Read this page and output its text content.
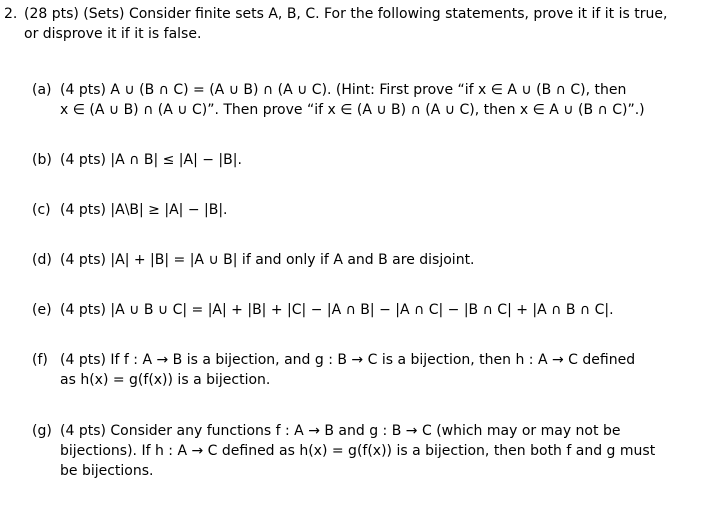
2. (28 pts) (Sets) Consider finite sets A, B, C. For the following statements, prove it if it is true,
or disprove it if it is false.
(a) (4 pts) A ∪ (B ∩ C) = (A ∪ B) ∩ (A ∪ C). (Hint: First prove “if x ∈ A ∪ (B ∩ C), then
x ∈ (A ∪ B) ∩ (A ∪ C)”. Then prove “if x ∈ (A ∪ B) ∩ (A ∪ C), then x ∈ A ∪ (B ∩ C)”.)
(b) (4 pts) |A ∩ B| ≤ |A| − |B|.
(c) (4 pts) |A\B| ≥ |A| − |B|.
(d) (4 pts) |A| + |B| = |A ∪ B| if and only if A and B are disjoint.
(e) (4 pts) |A ∪ B ∪ C| = |A| + |B| + |C| − |A ∩ B| − |A ∩ C| − |B ∩ C| + |A ∩ B ∩ C|.
(f) (4 pts) If f : A → B is a bijection, and g : B → C is a bijection, then h : A → C defined
as h(x) = g(f(x)) is a bijection.
(g) (4 pts) Consider any functions f : A → B and g : B → C (which may or may not be
bijections). If h : A → C defined as h(x) = g(f(x)) is a bijection, then both f and g must
be bijections.
